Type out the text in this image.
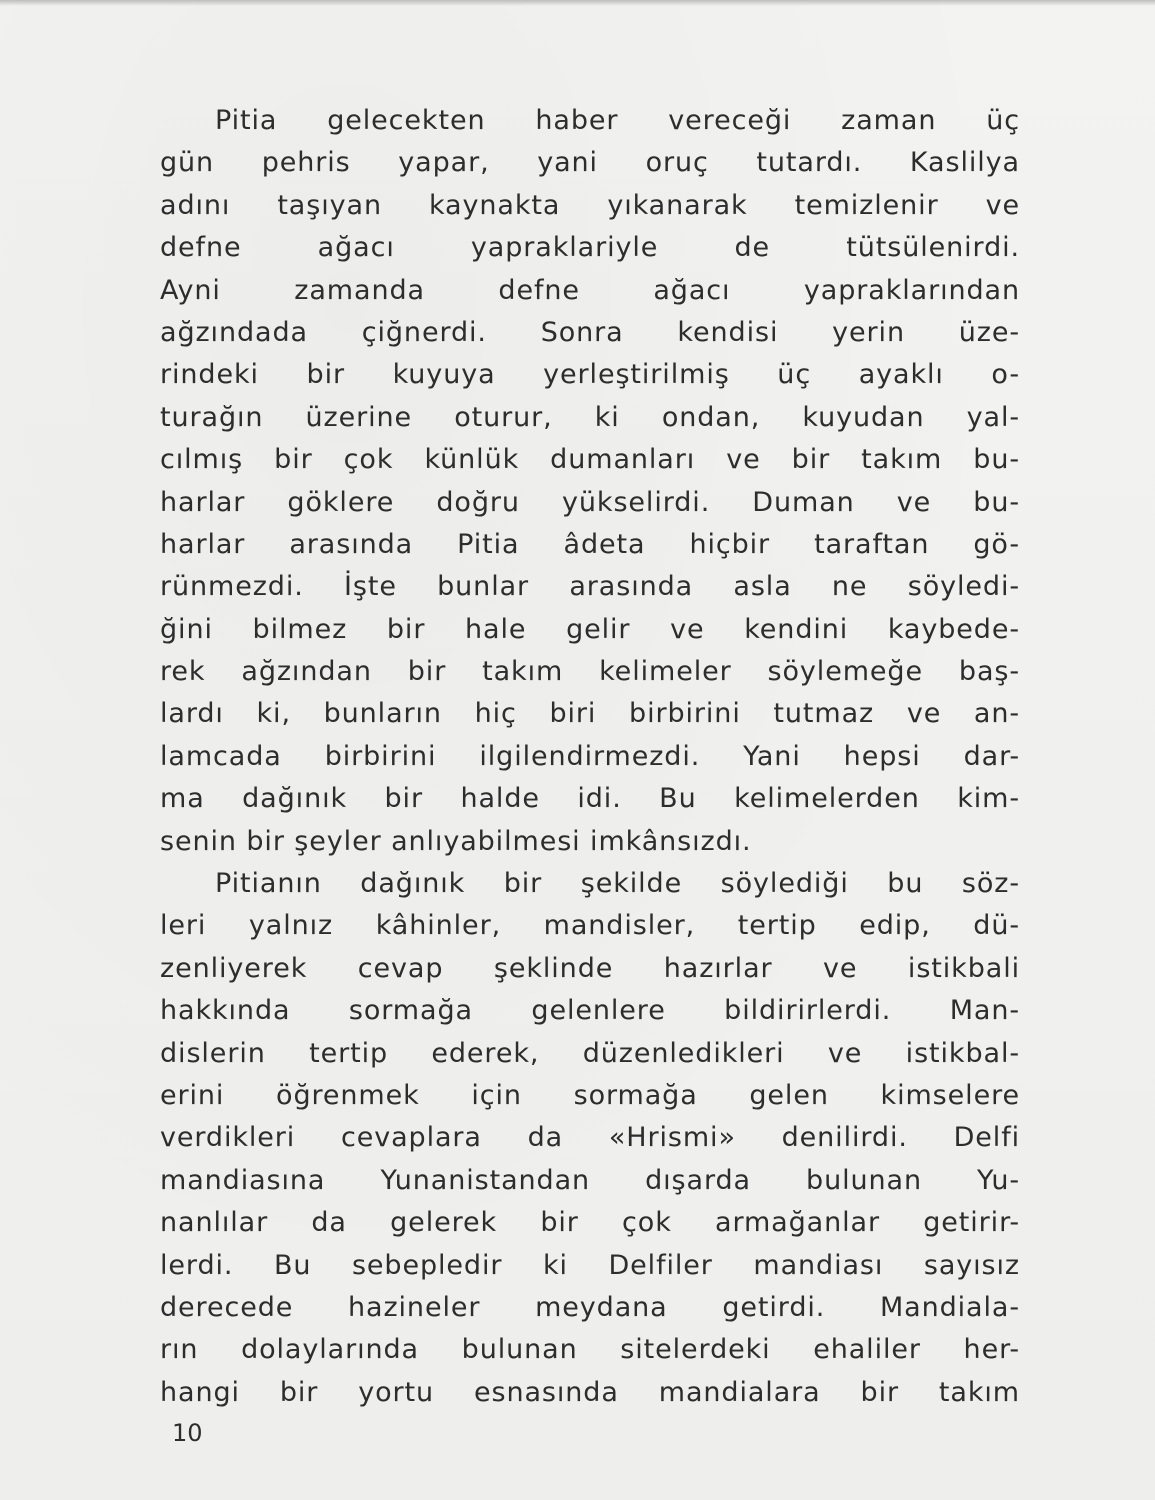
Pitia gelecekten haber vereceği zaman üç
gün pehris yapar, yani oruç tutardı. Kaslilya
adını taşıyan kaynakta yıkanarak temizlenir ve
defne ağacı yapraklariyle de tütsülenirdi.
Ayni zamanda defne ağacı yapraklarından
ağzındada çiğnerdi. Sonra kendisi yerin üze-
rindeki bir kuyuya yerleştirilmiş üç ayaklı o-
turağın üzerine oturur, ki ondan, kuyudan yal-
cılmış bir çok künlük dumanları ve bir takım bu-
harlar göklere doğru yükselirdi. Duman ve bu-
harlar arasında Pitia âdeta hiçbir taraftan gö-
rünmezdi. İşte bunlar arasında asla ne söyledi-
ğini bilmez bir hale gelir ve kendini kaybede-
rek ağzından bir takım kelimeler söylemeğe baş-
lardı ki, bunların hiç biri birbirini tutmaz ve an-
lamcada birbirini ilgilendirmezdi. Yani hepsi dar-
ma dağınık bir halde idi. Bu kelimelerden kim-
senin bir şeyler anlıyabilmesi imkânsızdı.
Pitianın dağınık bir şekilde söylediği bu söz-
leri yalnız kâhinler, mandisler, tertip edip, dü-
zenliyerek cevap şeklinde hazırlar ve istikbali
hakkında sormağa gelenlere bildirirlerdi. Man-
dislerin tertip ederek, düzenledikleri ve istikbal-
erini öğrenmek için sormağa gelen kimselere
verdikleri cevaplara da «Hrismi» denilirdi. Delfi
mandiasına Yunanistandan dışarda bulunan Yu-
nanlılar da gelerek bir çok armağanlar getirir-
lerdi. Bu sebepledir ki Delfiler mandiası sayısız
derecede hazineler meydana getirdi. Mandiala-
rın dolaylarında bulunan sitelerdeki ehaliler her-
hangi bir yortu esnasında mandialara bir takım
10
